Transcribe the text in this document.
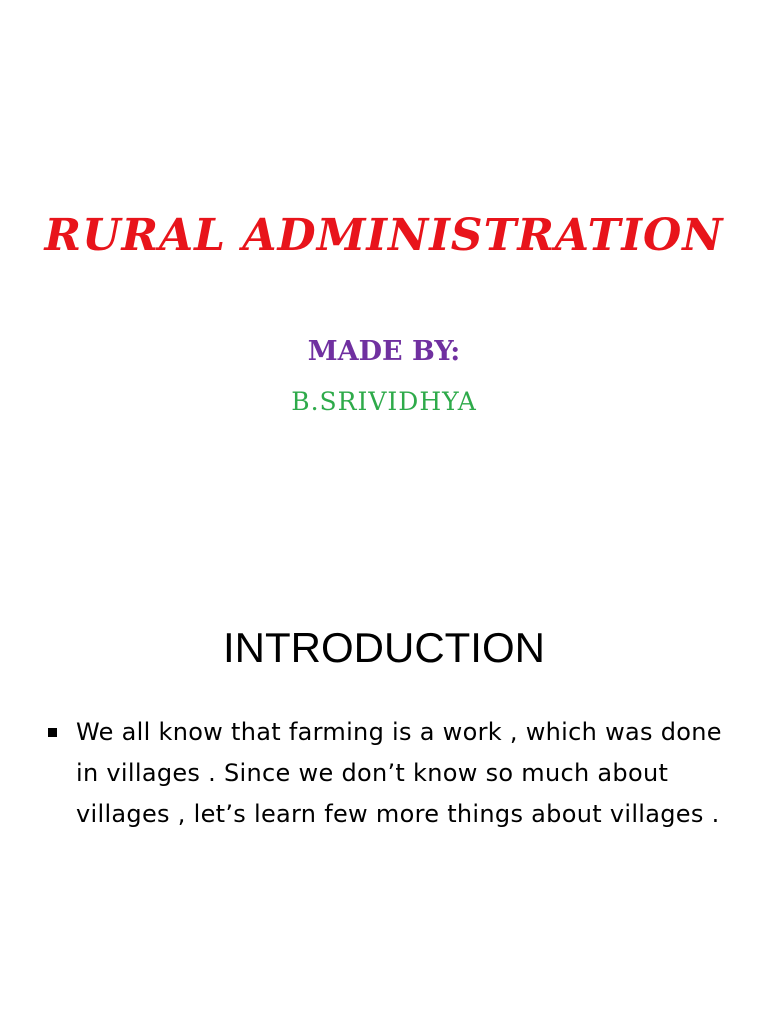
RURAL ADMINISTRATION
MADE BY:
B.SRIVIDHYA
INTRODUCTION
We all know that farming is a work , which was done in villages . Since we don’t know so much about villages , let’s learn few more things about villages .
